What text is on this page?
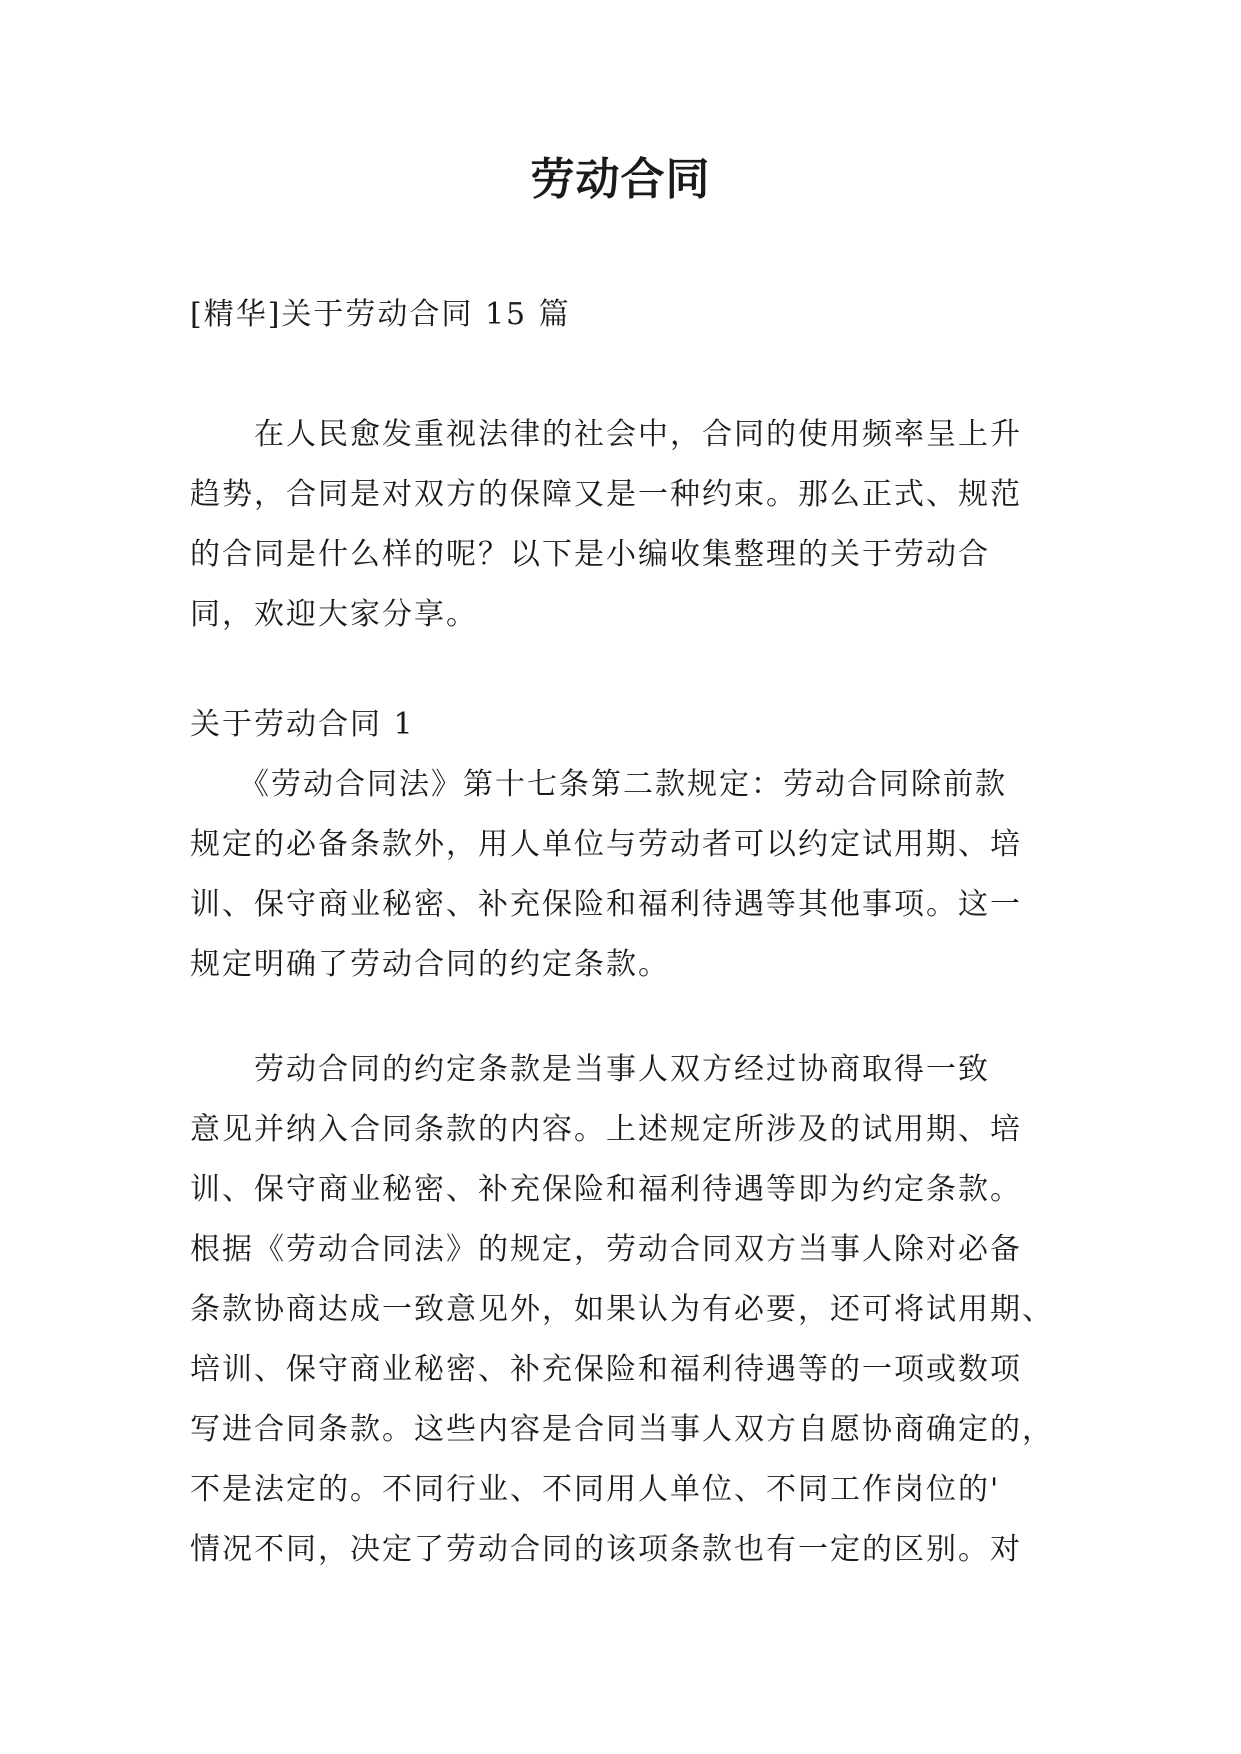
劳动合同
[精华]关于劳动合同 15 篇
　　在人民愈发重视法律的社会中，合同的使用频率呈上升
趋势，合同是对双方的保障又是一种约束。那么正式、规范
的合同是什么样的呢？以下是小编收集整理的关于劳动合
同，欢迎大家分享。
关于劳动合同 1
　　《劳动合同法》第十七条第二款规定：劳动合同除前款
规定的必备条款外，用人单位与劳动者可以约定试用期、培
训、保守商业秘密、补充保险和福利待遇等其他事项。这一
规定明确了劳动合同的约定条款。
　　劳动合同的约定条款是当事人双方经过协商取得一致
意见并纳入合同条款的内容。上述规定所涉及的试用期、培
训、保守商业秘密、补充保险和福利待遇等即为约定条款。
根据《劳动合同法》的规定，劳动合同双方当事人除对必备
条款协商达成一致意见外，如果认为有必要，还可将试用期、
培训、保守商业秘密、补充保险和福利待遇等的一项或数项
写进合同条款。这些内容是合同当事人双方自愿协商确定的，
不是法定的。不同行业、不同用人单位、不同工作岗位的'
情况不同，决定了劳动合同的该项条款也有一定的区别。对
